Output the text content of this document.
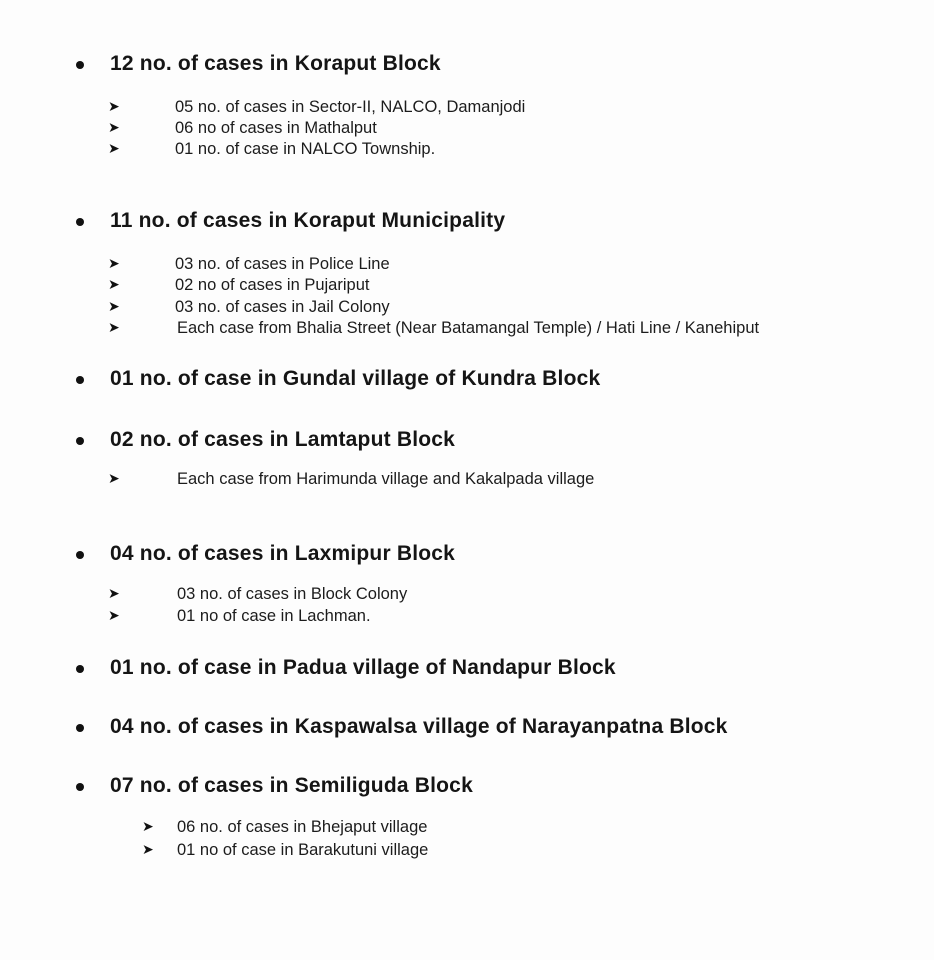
12 no. of cases in Koraput Block
➤	05 no. of cases in Sector-II, NALCO, Damanjodi
➤	06 no of cases in Mathalput
➤	01 no. of case in NALCO Township.
11 no. of cases in Koraput Municipality
➤	03 no. of cases in Police Line
➤	02 no of cases in Pujariput
➤	03 no. of cases in Jail Colony
➤	Each case from Bhalia Street (Near Batamangal Temple) / Hati Line / Kanehiput
01 no. of case in Gundal village of Kundra Block
02 no. of cases in Lamtaput Block
➤	Each case from Harimunda village and Kakalpada village
04 no. of cases in Laxmipur Block
➤	03 no. of cases in Block Colony
➤	01 no of case in Lachman.
01 no. of case in Padua village of Nandapur Block
04 no. of cases in Kaspawalsa village of Narayanpatna Block
07 no. of cases in Semiliguda Block
➤ 06 no. of cases in Bhejaput village
➤ 01 no of case in Barakutuni village
